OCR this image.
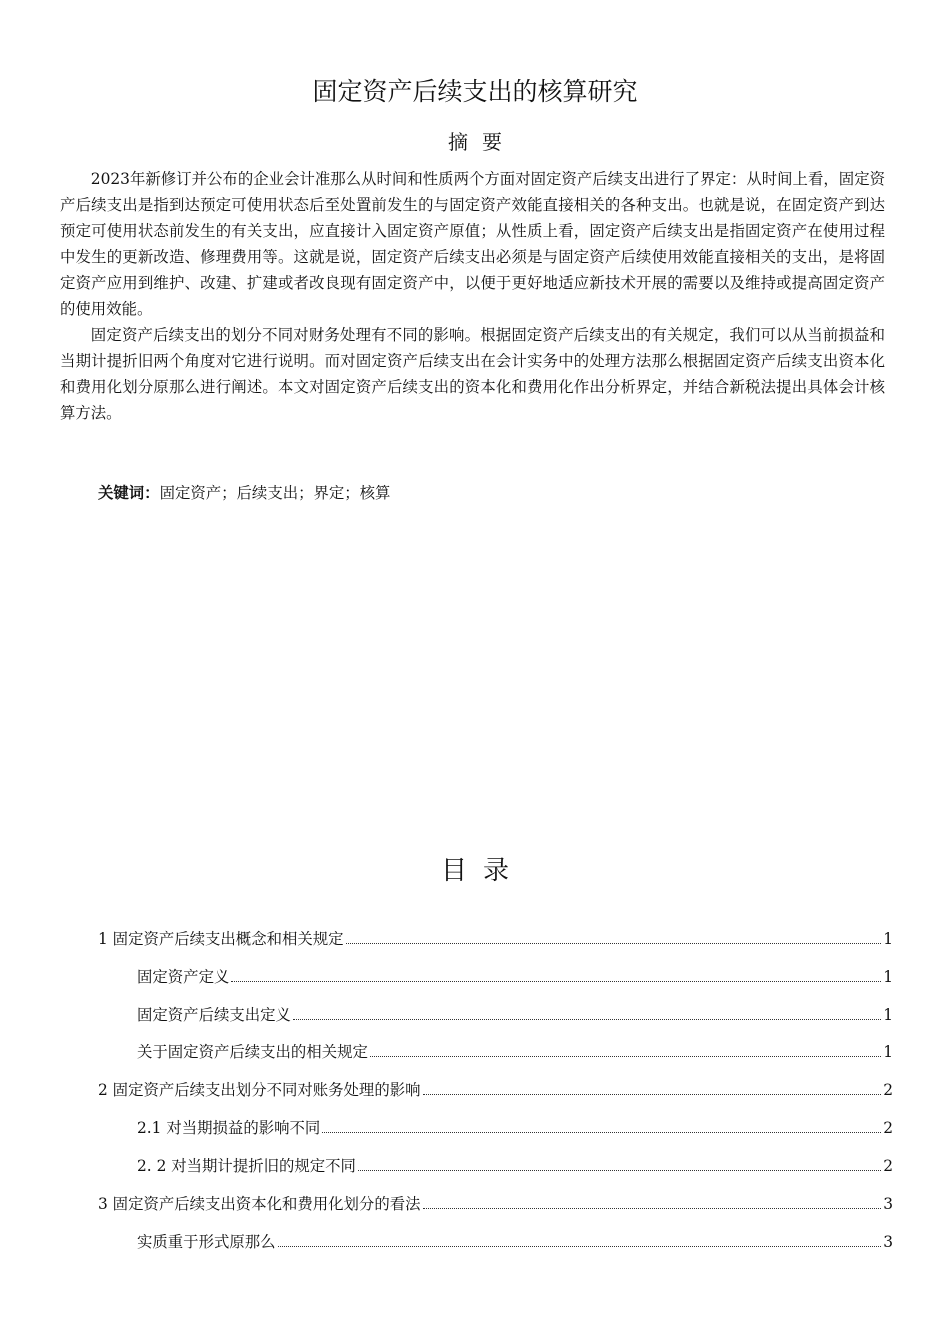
固定资产后续支出的核算研究
摘要

2023年新修订并公布的企业会计准那么从时间和性质两个方面对固定资产后续支出进行了界定：从时间上看，固定资产后续支出是指到达预定可使用状态后至处置前发生的与固定资产效能直接相关的各种支出。也就是说，在固定资产到达预定可使用状态前发生的有关支出，应直接计入固定资产原值；从性质上看，固定资产后续支出是指固定资产在使用过程中发生的更新改造、修理费用等。这就是说，固定资产后续支出必须是与固定资产后续使用效能直接相关的支出，是将固定资产应用到维护、改建、扩建或者改良现有固定资产中，以便于更好地适应新技术开展的需要以及维持或提高固定资产的使用效能。

固定资产后续支出的划分不同对财务处理有不同的影响。根据固定资产后续支出的有关规定，我们可以从当前损益和当期计提折旧两个角度对它进行说明。而对固定资产后续支出在会计实务中的处理方法那么根据固定资产后续支出资本化和费用化划分原那么进行阐述。本文对固定资产后续支出的资本化和费用化作出分析界定，并结合新税法提出具体会计核算方法。

关键词：固定资产；后续支出；界定；核算
目录
1 固定资产后续支出概念和相关规定	1
固定资产定义	1
固定资产后续支出定义	1
关于固定资产后续支出的相关规定	1
2 固定资产后续支出划分不同对账务处理的影响	2
2.1 对当期损益的影响不同	2
2. 2 对当期计提折旧的规定不同	2
3 固定资产后续支出资本化和费用化划分的看法	3
实质重于形式原那么	3
